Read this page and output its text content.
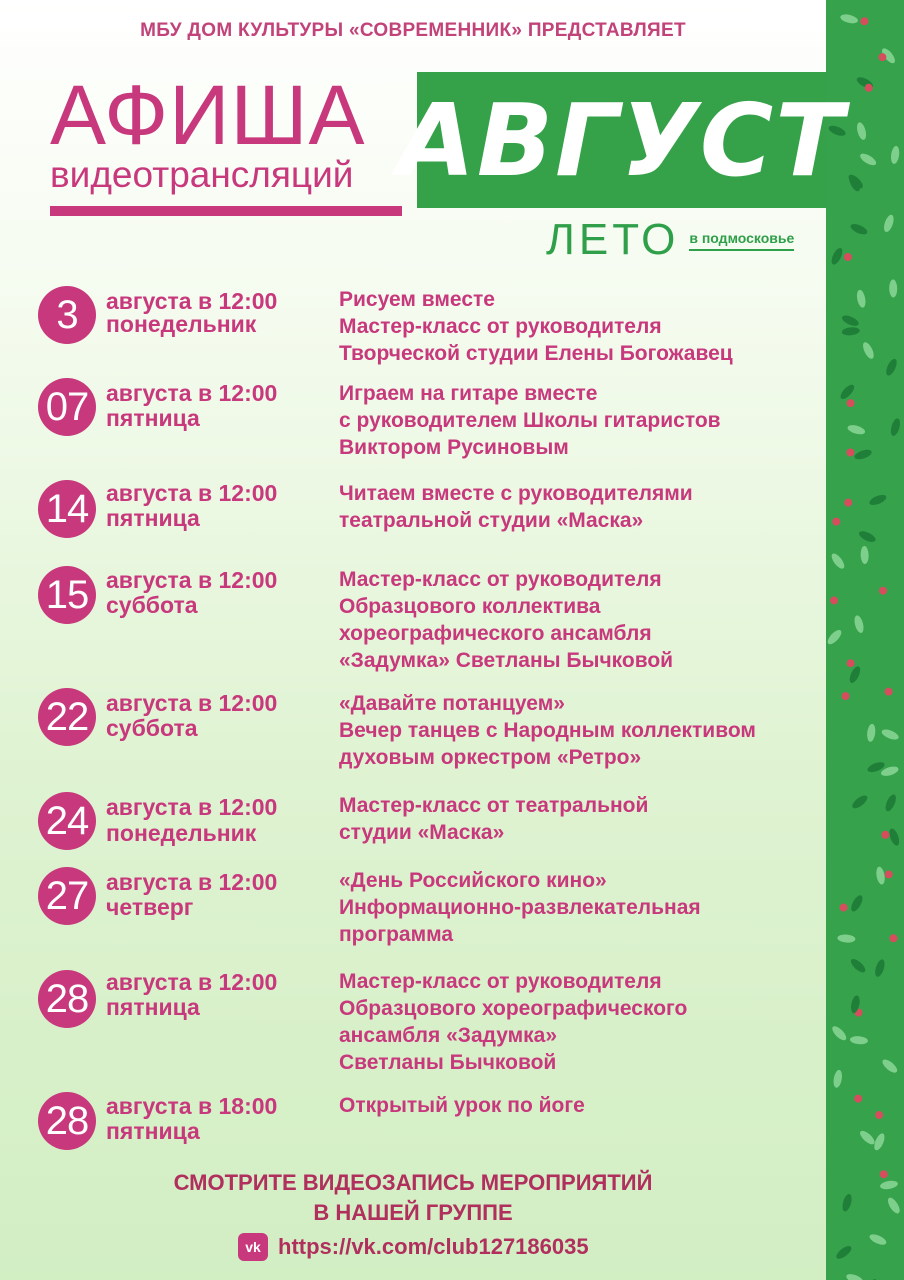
МБУ ДОМ КУЛЬТУРЫ «СОВРЕМЕННИК» ПРЕДСТАВЛЯЕТ
АФИША
видеотрансляций АВГУСТ
ЛЕТО в подмосковье
3	августа в 12:00
понедельник
Рисуем вместе
Мастер-класс от руководителя
Творческой студии Елены Богожавец
07 августа в 12:00
пятница
Играем на гитаре вместе
с руководителем Школы гитаристов
Виктором Русиновым
14 августа в 12:00
пятница
Читаем вместе с руководителями
театральной студии «Маска»
15 августа в 12:00
суббота
Мастер-класс от руководителя
Образцового коллектива
хореографического ансамбля
«Задумка» Светланы Бычковой
22 августа в 12:00
суббота
«Давайте потанцуем»
Вечер танцев с Народным коллективом
духовым оркестром «Ретро»
24 августа в 12:00
понедельник
Мастер-класс от театральной
студии «Маска»
27 августа в 12:00
четверг
«День Российского кино»
Информационно-развлекательная
программа
28 августа в 12:00
пятница
Мастер-класс от руководителя
Образцового хореографического
ансамбля «Задумка»
Светланы Бычковой
28 августа в 18:00
пятница
Открытый урок по йоге
СМОТРИТЕ ВИДЕОЗАПИСЬ МЕРОПРИЯТИЙ
В НАШЕЙ ГРУППЕ
vk https://vk.com/club127186035
